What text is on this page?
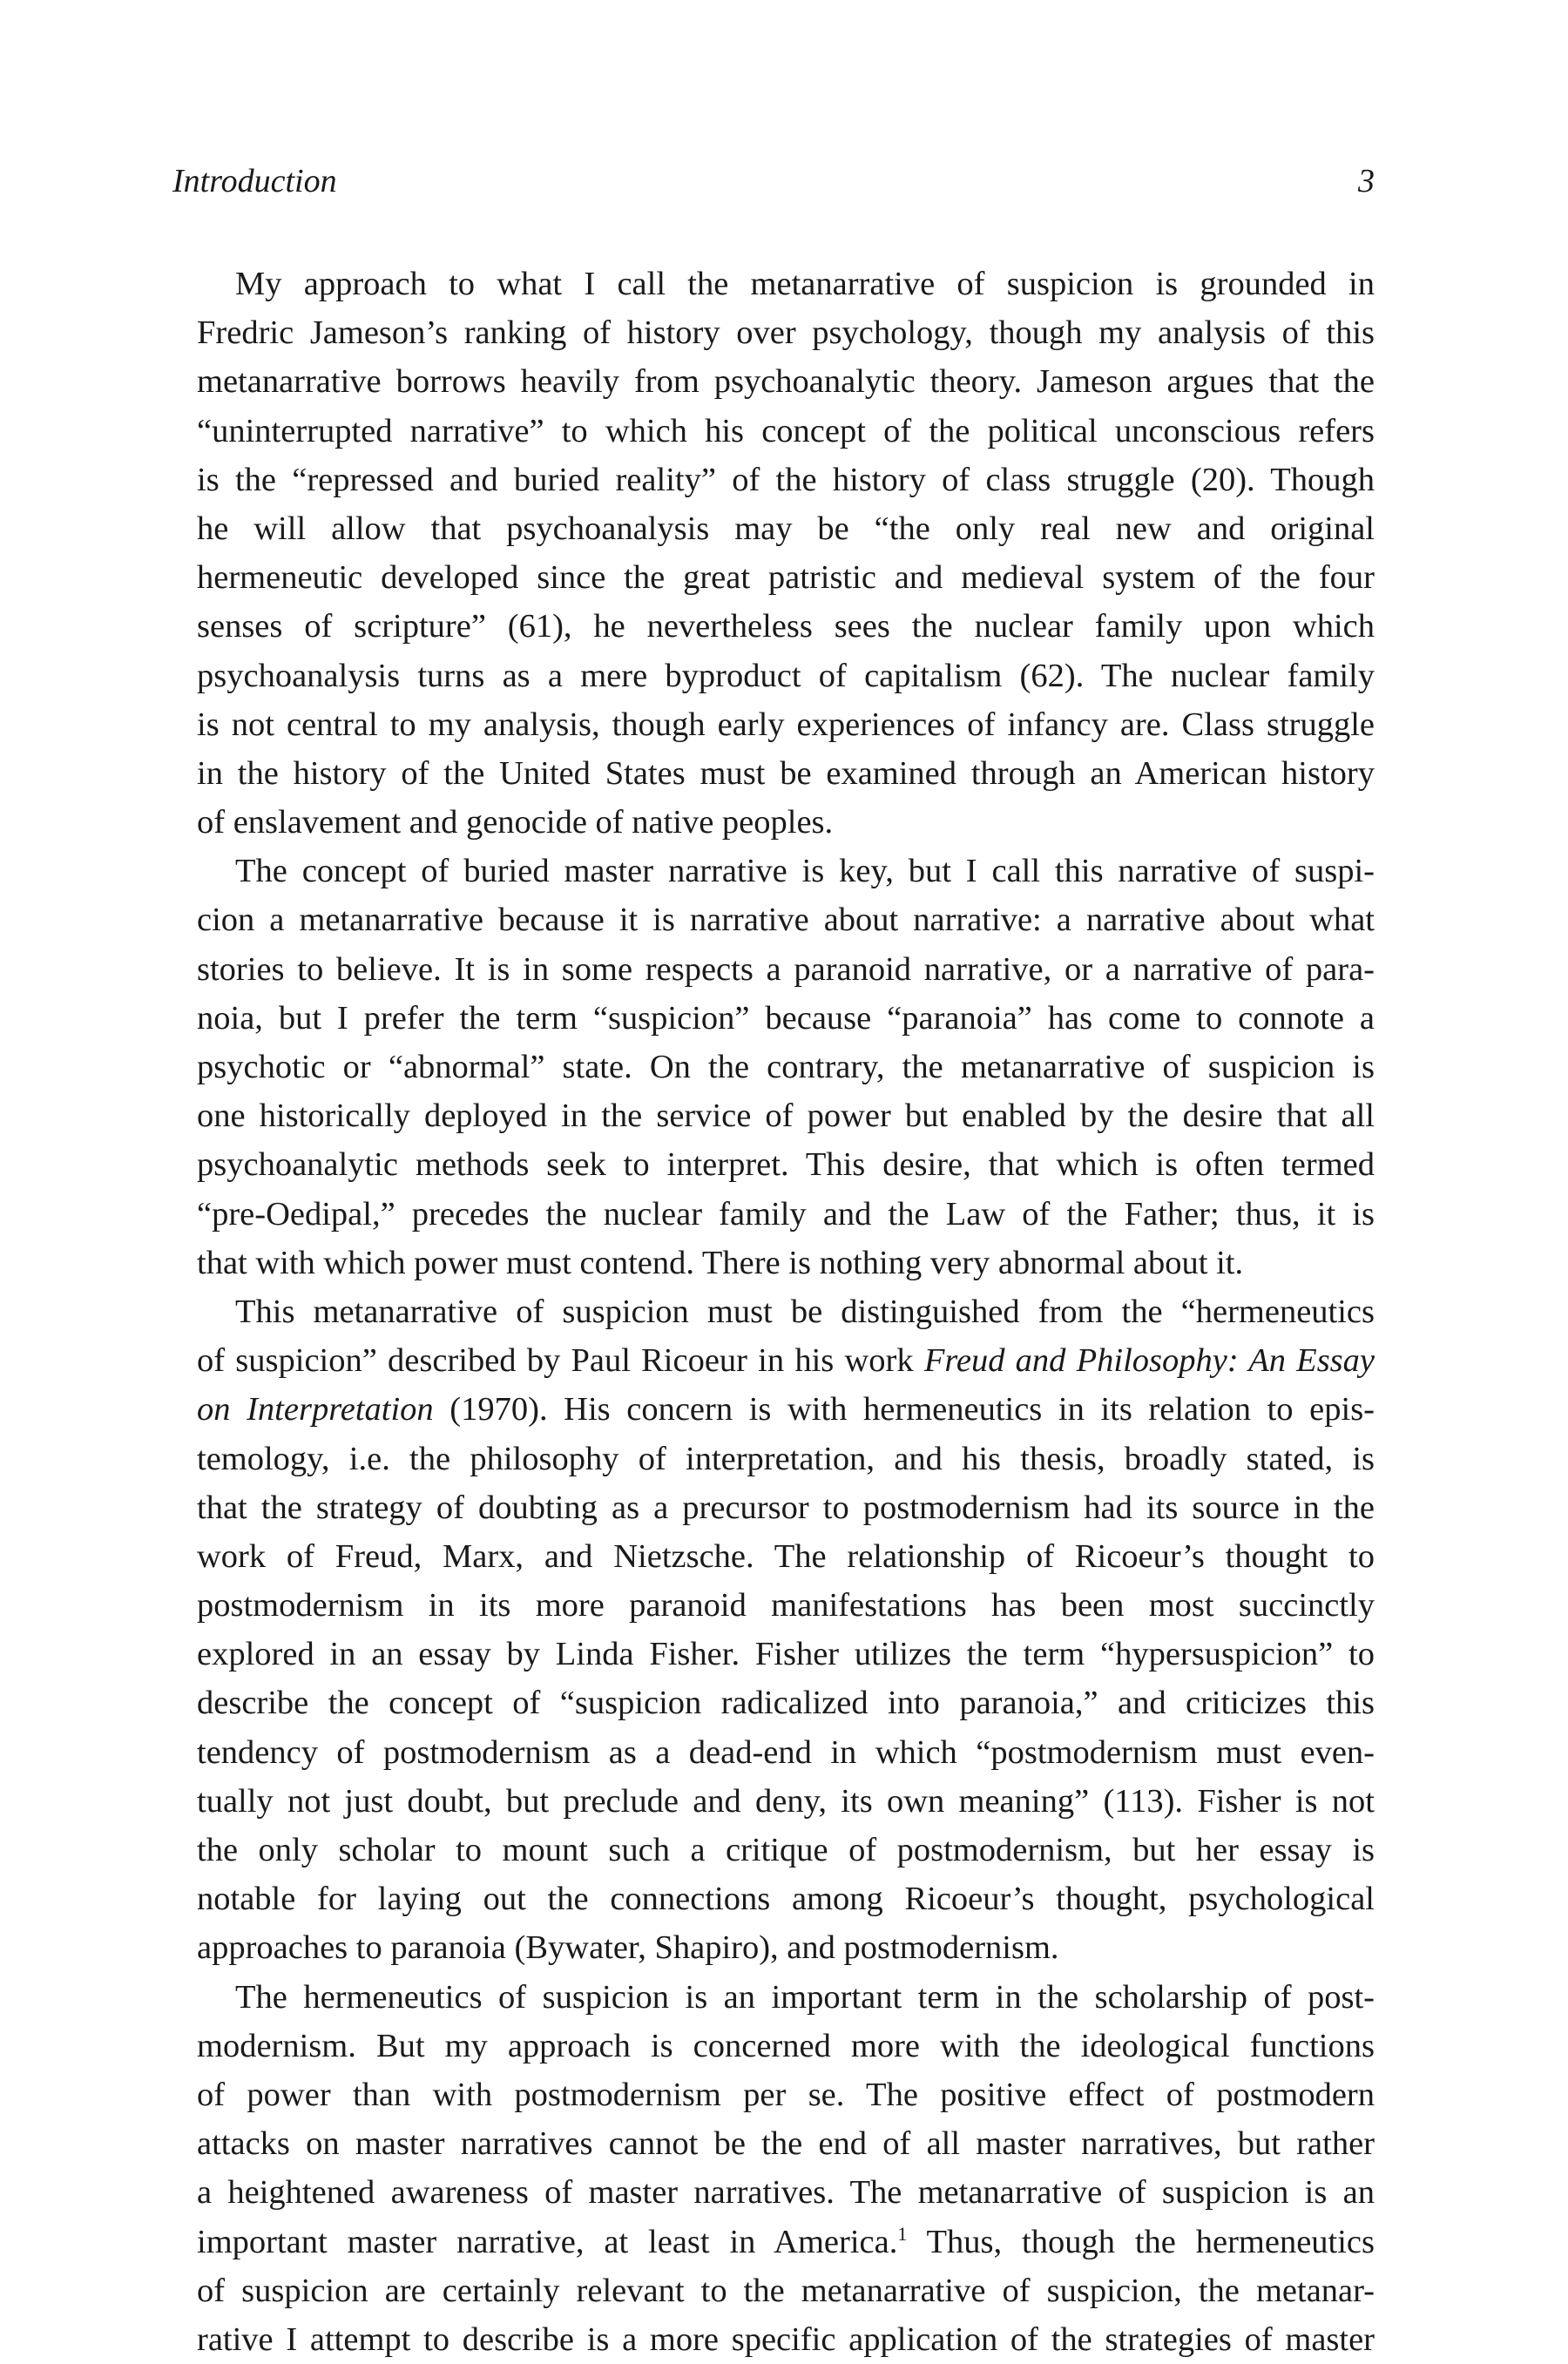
Introduction	3
My approach to what I call the metanarrative of suspicion is grounded in
Fredric Jameson’s ranking of history over psychology, though my analysis of this
metanarrative borrows heavily from psychoanalytic theory. Jameson argues that the
“uninterrupted narrative” to which his concept of the political unconscious refers
is the “repressed and buried reality” of the history of class struggle (20). Though
he will allow that psychoanalysis may be “the only real new and original
hermeneutic developed since the great patristic and medieval system of the four
senses of scripture” (61), he nevertheless sees the nuclear family upon which
psychoanalysis turns as a mere byproduct of capitalism (62). The nuclear family
is not central to my analysis, though early experiences of infancy are. Class struggle
in the history of the United States must be examined through an American history
of enslavement and genocide of native peoples.
The concept of buried master narrative is key, but I call this narrative of suspi-
cion a metanarrative because it is narrative about narrative: a narrative about what
stories to believe. It is in some respects a paranoid narrative, or a narrative of para-
noia, but I prefer the term “suspicion” because “paranoia” has come to connote a
psychotic or “abnormal” state. On the contrary, the metanarrative of suspicion is
one historically deployed in the service of power but enabled by the desire that all
psychoanalytic methods seek to interpret. This desire, that which is often termed
“pre-Oedipal,” precedes the nuclear family and the Law of the Father; thus, it is
that with which power must contend. There is nothing very abnormal about it.
This metanarrative of suspicion must be distinguished from the “hermeneutics
of suspicion” described by Paul Ricoeur in his work Freud and Philosophy: An Essay
on Interpretation (1970). His concern is with hermeneutics in its relation to epis-
temology, i.e. the philosophy of interpretation, and his thesis, broadly stated, is
that the strategy of doubting as a precursor to postmodernism had its source in the
work of Freud, Marx, and Nietzsche. The relationship of Ricoeur’s thought to
postmodernism in its more paranoid manifestations has been most succinctly
explored in an essay by Linda Fisher. Fisher utilizes the term “hypersuspicion” to
describe the concept of “suspicion radicalized into paranoia,” and criticizes this
tendency of postmodernism as a dead-end in which “postmodernism must even-
tually not just doubt, but preclude and deny, its own meaning” (113). Fisher is not
the only scholar to mount such a critique of postmodernism, but her essay is
notable for laying out the connections among Ricoeur’s thought, psychological
approaches to paranoia (Bywater, Shapiro), and postmodernism.
The hermeneutics of suspicion is an important term in the scholarship of post-
modernism. But my approach is concerned more with the ideological functions
of power than with postmodernism per se. The positive effect of postmodern
attacks on master narratives cannot be the end of all master narratives, but rather
a heightened awareness of master narratives. The metanarrative of suspicion is an
important master narrative, at least in America.$^1$ Thus, though the hermeneutics
of suspicion are certainly relevant to the metanarrative of suspicion, the metanar-
rative I attempt to describe is a more specific application of the strategies of master
